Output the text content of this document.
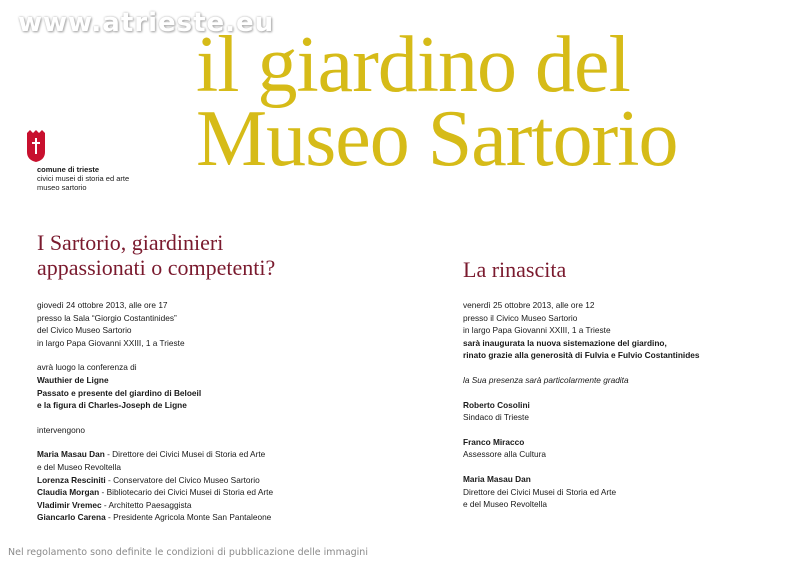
www.atrieste.eu
il giardino del
Museo Sartorio
comune di trieste
civici musei di storia ed arte
museo sartorio
I Sartorio, giardinieri
appassionati o competenti?
giovedì 24 ottobre 2013, alle ore 17
presso la Sala “Giorgio Costantinides”
del Civico Museo Sartorio
in largo Papa Giovanni XXIII, 1 a Trieste
avrà luogo la conferenza di
Wauthier de Ligne
Passato e presente del giardino di Beloeil
e la figura di Charles-Joseph de Ligne
intervengono
Maria Masau Dan - Direttore dei Civici Musei di Storia ed Arte
e del Museo Revoltella
Lorenza Resciniti - Conservatore del Civico Museo Sartorio
Claudia Morgan - Bibliotecario dei Civici Musei di Storia ed Arte
Vladimir Vremec - Architetto Paesaggista
Giancarlo Carena - Presidente Agricola Monte San Pantaleone
La rinascita
venerdì 25 ottobre 2013, alle ore 12
presso il Civico Museo Sartorio
in largo Papa Giovanni XXIII, 1 a Trieste
sarà inaugurata la nuova sistemazione del giardino,
rinato grazie alla generosità di Fulvia e Fulvio Costantinides
la Sua presenza sarà particolarmente gradita
Roberto Cosolini
Sindaco di Trieste
Franco Miracco
Assessore alla Cultura
Maria Masau Dan
Direttore dei Civici Musei di Storia ed Arte
e del Museo Revoltella
Nel regolamento sono definite le condizioni di pubblicazione delle immagini
